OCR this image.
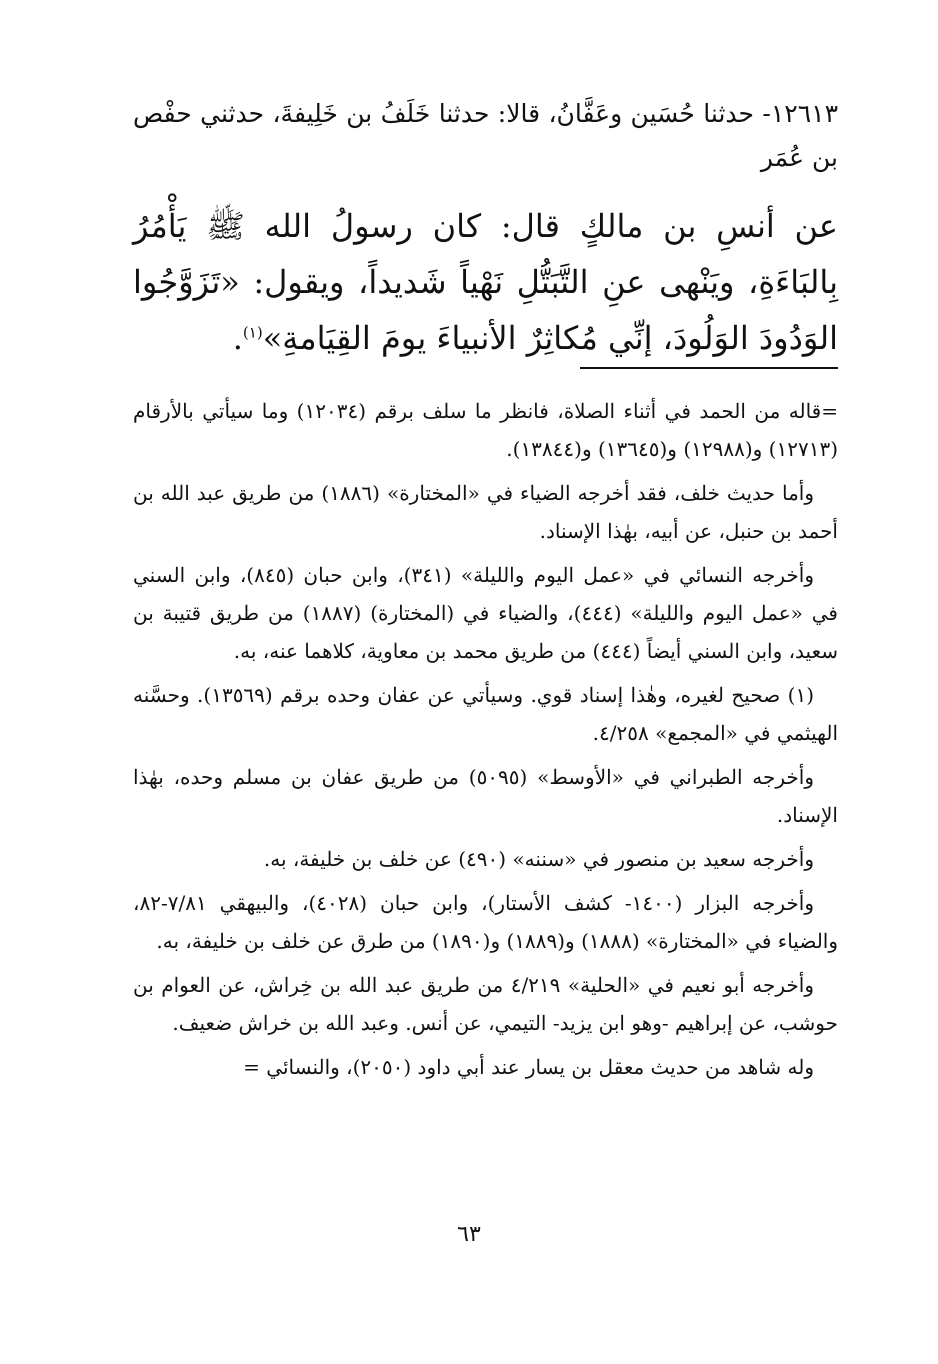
١٢٦١٣- حدثنا حُسَين وعَفَّانُ، قالا: حدثنا خَلَفُ بن خَلِيفةَ، حدثني حفْص بن عُمَر
عن أنسِ بن مالكٍ قال: كان رسولُ الله ﷺ يَأْمُرُ بِالبَاءَةِ، ويَنْهى عنِ التَّبَتُّلِ نَهْياً شَديداً، ويقول: «تَزَوَّجُوا الوَدُودَ الوَلُودَ، إنِّي مُكاثِرٌ الأنبياءَ يومَ القِيَامةِ»$^{(١)}$.

=قاله من الحمد في أثناء الصلاة، فانظر ما سلف برقم (١٢٠٣٤) وما سيأتي بالأرقام (١٢٧١٣) و(١٢٩٨٨) و(١٣٦٤٥) و(١٣٨٤٤).

وأما حديث خلف، فقد أخرجه الضياء في «المختارة» (١٨٨٦) من طريق عبد الله بن أحمد بن حنبل، عن أبيه، بهٰذا الإسناد.

وأخرجه النسائي في «عمل اليوم والليلة» (٣٤١)، وابن حبان (٨٤٥)، وابن السني في «عمل اليوم والليلة» (٤٤٤)، والضياء في (المختارة) (١٨٨٧) من طريق قتيبة بن سعيد، وابن السني أيضاً (٤٤٤) من طريق محمد بن معاوية، كلاهما عنه، به.

(١) صحيح لغيره، وهٰذا إسناد قوي. وسيأتي عن عفان وحده برقم (١٣٥٦٩). وحسَّنه الهيثمي في «المجمع» ٤/٢٥٨.

وأخرجه الطبراني في «الأوسط» (٥٠٩٥) من طريق عفان بن مسلم وحده، بهٰذا الإسناد.

وأخرجه سعيد بن منصور في «سننه» (٤٩٠) عن خلف بن خليفة، به.

وأخرجه البزار (١٤٠٠- كشف الأستار)، وابن حبان (٤٠٢٨)، والبيهقي ٧/٨١-٨٢، والضياء في «المختارة» (١٨٨٨) و(١٨٨٩) و(١٨٩٠) من طرق عن خلف بن خليفة، به.

وأخرجه أبو نعيم في «الحلية» ٤/٢١٩ من طريق عبد الله بن خِراش، عن العوام بن حوشب، عن إبراهيم -وهو ابن يزيد- التيمي، عن أنس. وعبد الله بن خراش ضعيف.

وله شاهد من حديث معقل بن يسار عند أبي داود (٢٠٥٠)، والنسائي =

٦٣
